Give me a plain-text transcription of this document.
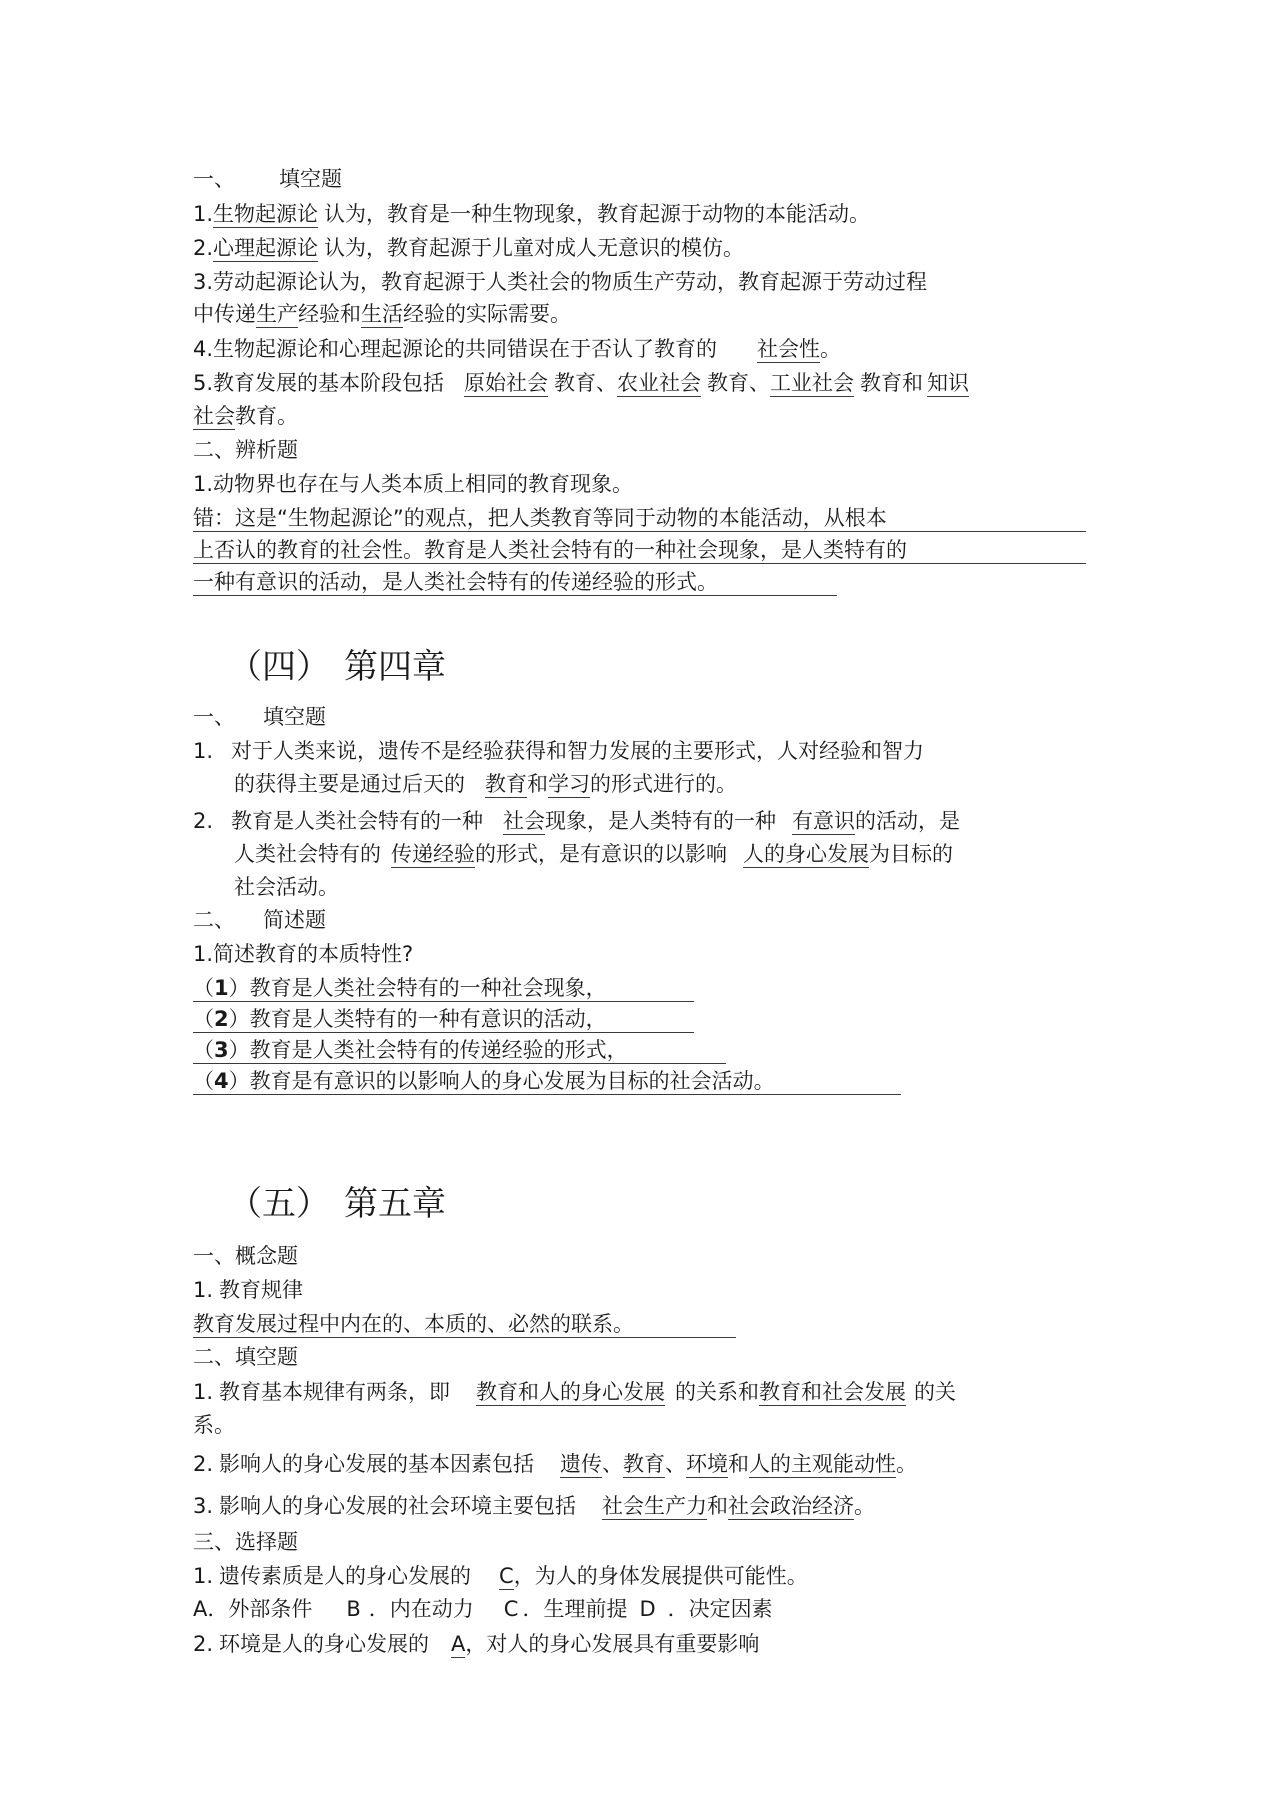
一、 填空题
1.生物起源论 认为，教育是一种生物现象，教育起源于动物的本能活动。
2.心理起源论 认为，教育起源于儿童对成人无意识的模仿。
3.劳动起源论认为，教育起源于人类社会的物质生产劳动，教育起源于劳动过程
中传递生产经验和生活经验的实际需要。
4.生物起源论和心理起源论的共同错误在于否认了教育的 社会性。
5.教育发展的基本阶段包括 原始社会 教育、农业社会 教育、工业社会 教育和 知识
社会教育。
二、辨析题
1.动物界也存在与人类本质上相同的教育现象。
错：这是“生物起源论”的观点，把人类教育等同于动物的本能活动，从根本
上否认的教育的社会性。教育是人类社会特有的一种社会现象，是人类特有的
一种有意识的活动，是人类社会特有的传递经验的形式。
（四） 第四章
一、 填空题
1. 对于人类来说，遗传不是经验获得和智力发展的主要形式，人对经验和智力
的获得主要是通过后天的 教育和学习的形式进行的。
2. 教育是人类社会特有的一种 社会现象，是人类特有的一种 有意识的活动，是
人类社会特有的 传递经验的形式，是有意识的以影响 人的身心发展为目标的
社会活动。
二、 简述题
1.简述教育的本质特性?
（1）教育是人类社会特有的一种社会现象，
（2）教育是人类特有的一种有意识的活动，
（3）教育是人类社会特有的传递经验的形式，
（4）教育是有意识的以影响人的身心发展为目标的社会活动。
（五） 第五章
一、概念题
1. 教育规律
教育发展过程中内在的、本质的、必然的联系。
二、填空题
1. 教育基本规律有两条，即 教育和人的身心发展 的关系和教育和社会发展 的关
系。
2. 影响人的身心发展的基本因素包括 遗传、教育、环境和人的主观能动性。
3. 影响人的身心发展的社会环境主要包括 社会生产力和社会政治经济。
三、选择题
1. 遗传素质是人的身心发展的 C，为人的身体发展提供可能性。
A．外部条件 B ．内在动力 C ．生理前提 D ．决定因素
2. 环境是人的身心发展的 A，对人的身心发展具有重要影响
